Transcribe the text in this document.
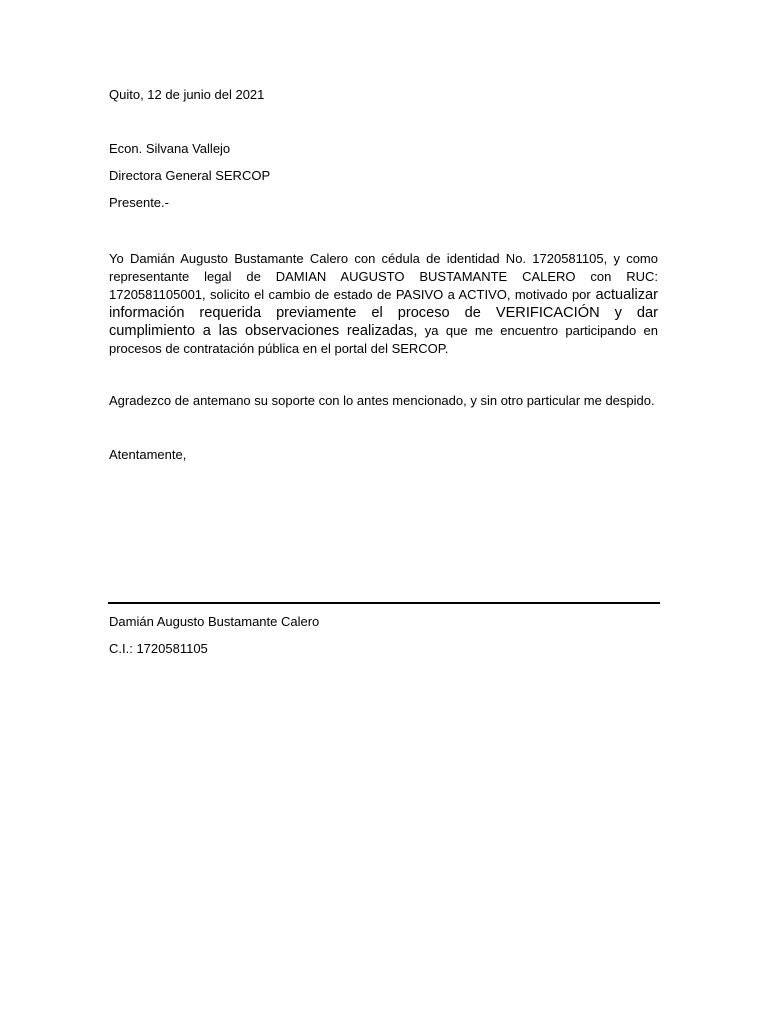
Quito, 12 de junio del 2021
Econ. Silvana Vallejo
Directora General SERCOP
Presente.-
Yo Damián Augusto Bustamante Calero con cédula de identidad No. 1720581105, y como representante legal de DAMIAN AUGUSTO BUSTAMANTE CALERO con RUC: 1720581105001, solicito el cambio de estado de PASIVO a ACTIVO, motivado por actualizar información requerida previamente el proceso de VERIFICACIÓN y dar cumplimiento a las observaciones realizadas, ya que me encuentro participando en procesos de contratación pública en el portal del SERCOP.
Agradezco de antemano su soporte con lo antes mencionado, y sin otro particular me despido.
Atentamente,
Damián Augusto Bustamante Calero
C.I.: 1720581105
